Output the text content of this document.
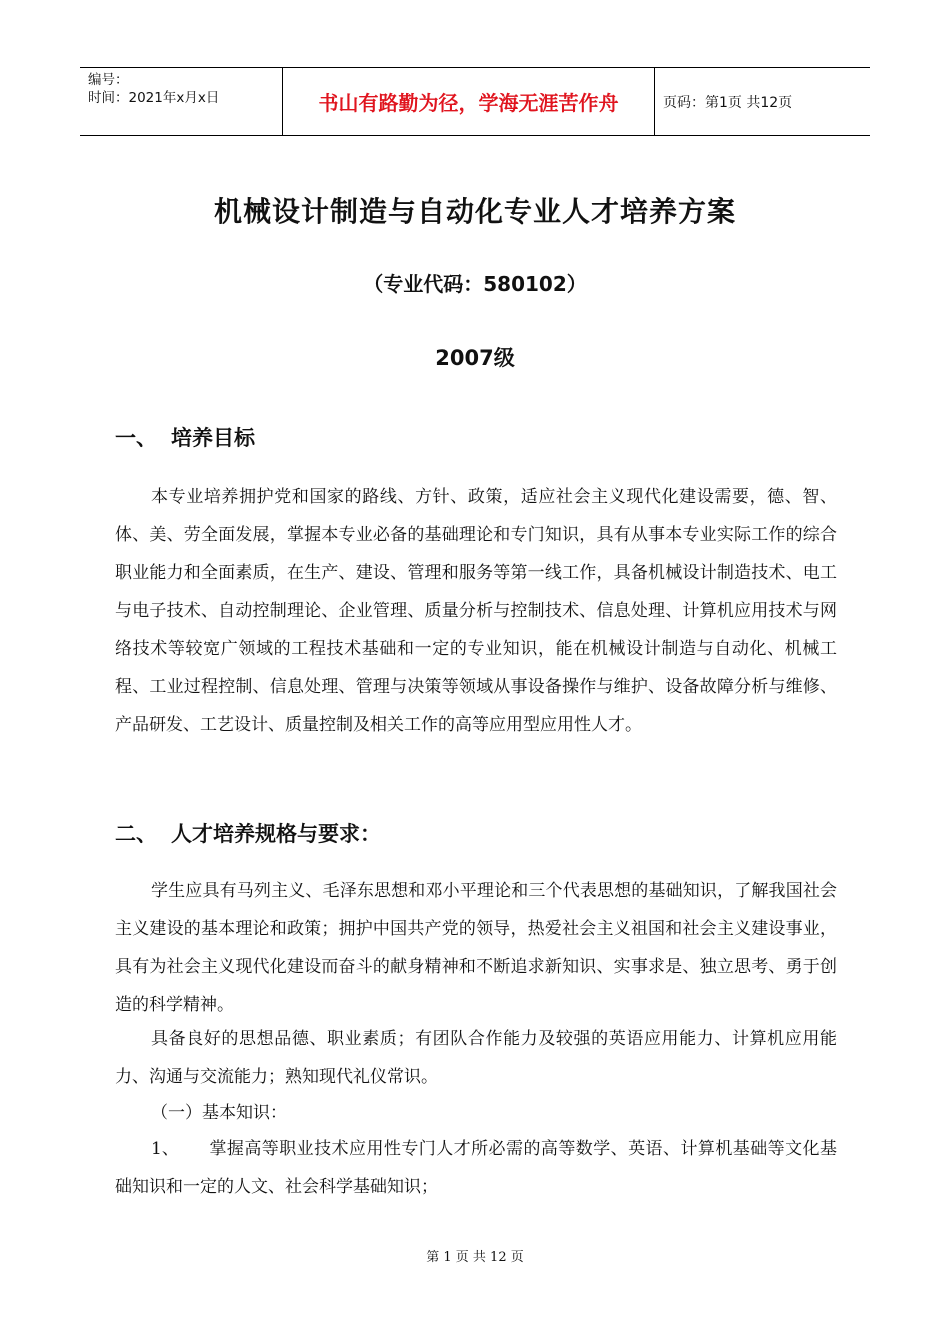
编号：
时间：2021年x月x日	书山有路勤为径，学海无涯苦作舟	页码：第1页 共12页
机械设计制造与自动化专业人才培养方案
（专业代码：580102）
2007级
一、 培养目标
本专业培养拥护党和国家的路线、方针、政策，适应社会主义现代化建设需要，德、智、体、美、劳全面发展，掌握本专业必备的基础理论和专门知识，具有从事本专业实际工作的综合职业能力和全面素质，在生产、建设、管理和服务等第一线工作，具备机械设计制造技术、电工与电子技术、自动控制理论、企业管理、质量分析与控制技术、信息处理、计算机应用技术与网络技术等较宽广领域的工程技术基础和一定的专业知识，能在机械设计制造与自动化、机械工程、工业过程控制、信息处理、管理与决策等领域从事设备操作与维护、设备故障分析与维修、产品研发、工艺设计、质量控制及相关工作的高等应用型应用性人才。
二、 人才培养规格与要求：
学生应具有马列主义、毛泽东思想和邓小平理论和三个代表思想的基础知识，了解我国社会主义建设的基本理论和政策；拥护中国共产党的领导，热爱社会主义祖国和社会主义建设事业，具有为社会主义现代化建设而奋斗的献身精神和不断追求新知识、实事求是、独立思考、勇于创造的科学精神。
具备良好的思想品德、职业素质；有团队合作能力及较强的英语应用能力、计算机应用能力、沟通与交流能力；熟知现代礼仪常识。
（一）基本知识：
1、 掌握高等职业技术应用性专门人才所必需的高等数学、英语、计算机基础等文化基础知识和一定的人文、社会科学基础知识；
第 1 页 共 12 页
